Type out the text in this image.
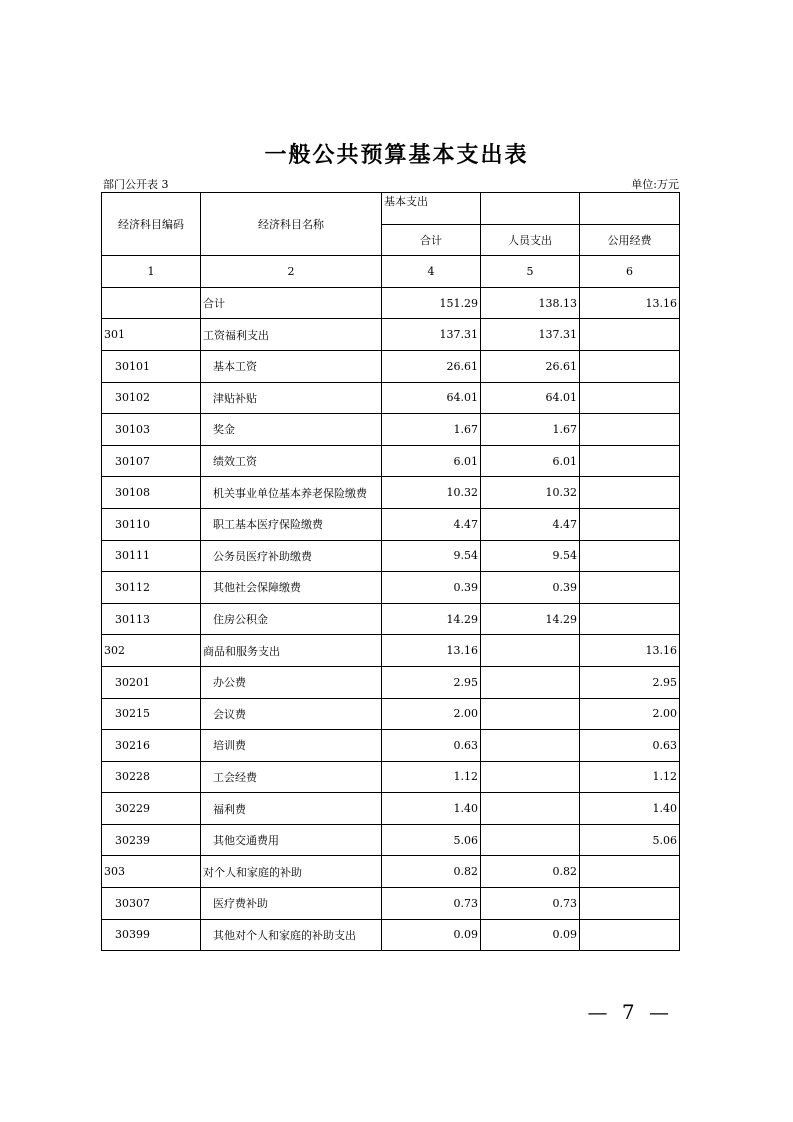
一般公共预算基本支出表
部门公开表 3	单位:万元
经济科目编码	经济科目名称	基本支出		
		合计	人员支出	公用经费
1	2	4	5	6
	合计	151.29	138.13	13.16
301	工资福利支出	137.31	137.31	
30101	基本工资	26.61	26.61	
30102	津贴补贴	64.01	64.01	
30103	奖金	1.67	1.67	
30107	绩效工资	6.01	6.01	
30108	机关事业单位基本养老保险缴费	10.32	10.32	
30110	职工基本医疗保险缴费	4.47	4.47	
30111	公务员医疗补助缴费	9.54	9.54	
30112	其他社会保障缴费	0.39	0.39	
30113	住房公积金	14.29	14.29	
302	商品和服务支出	13.16		13.16
30201	办公费	2.95		2.95
30215	会议费	2.00		2.00
30216	培训费	0.63		0.63
30228	工会经费	1.12		1.12
30229	福利费	1.40		1.40
30239	其他交通费用	5.06		5.06
303	对个人和家庭的补助	0.82	0.82	
30307	医疗费补助	0.73	0.73	
30399	其他对个人和家庭的补助支出	0.09	0.09	
— 7 —
